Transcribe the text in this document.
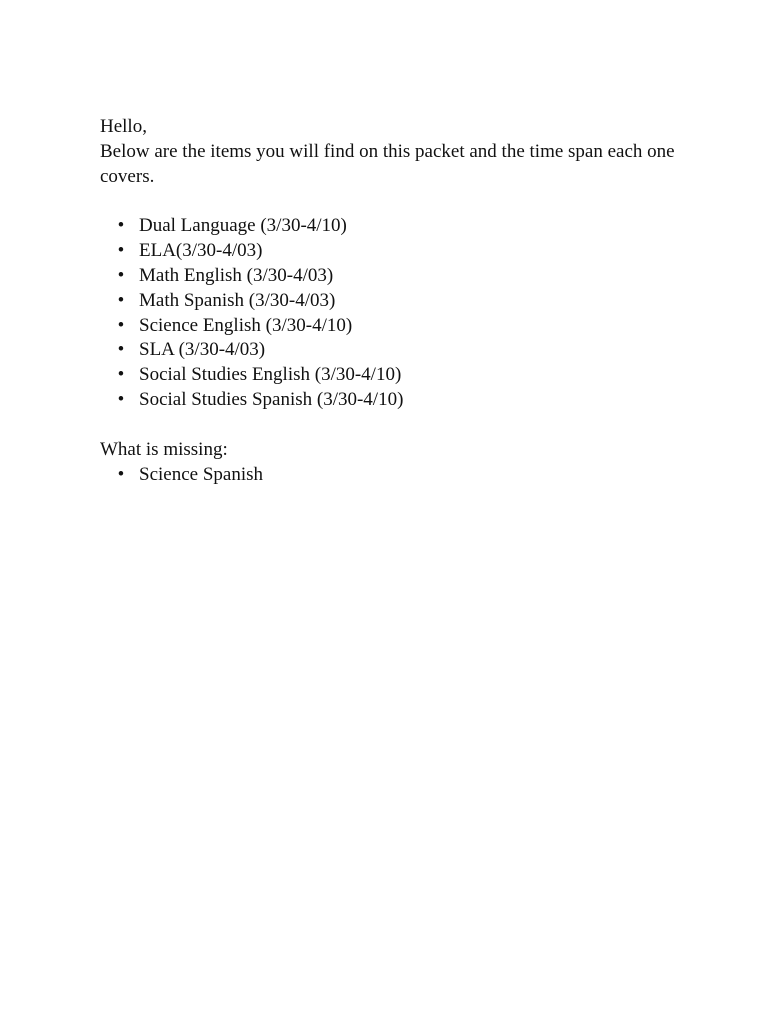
Hello,

Below are the items you will find on this packet and the time span each one covers.

• Dual Language (3/30-4/10)
• ELA(3/30-4/03)
• Math English (3/30-4/03)
• Math Spanish (3/30-4/03)
• Science English (3/30-4/10)
• SLA (3/30-4/03)
• Social Studies English (3/30-4/10)
• Social Studies Spanish (3/30-4/10)

What is missing:

• Science Spanish
